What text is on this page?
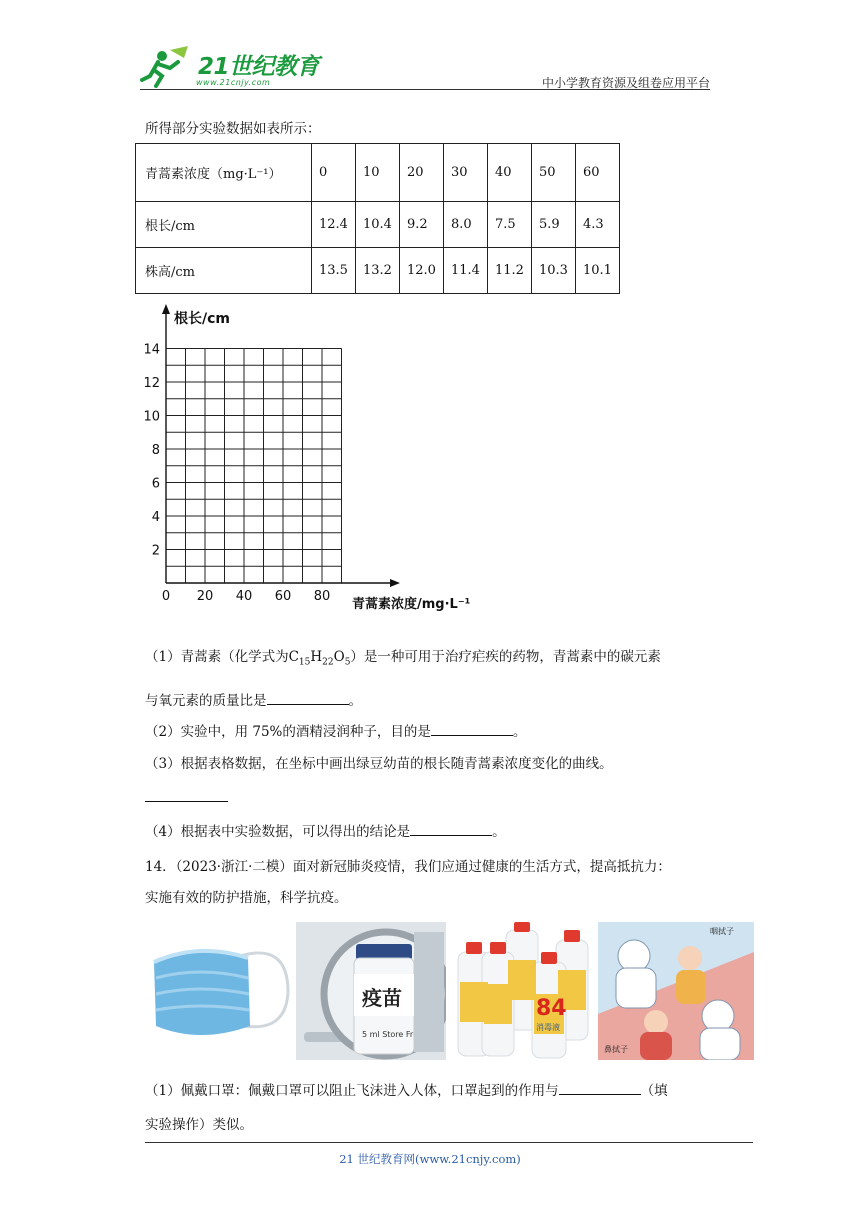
21世纪教育
www.21cnjy.com	中小学教育资源及组卷应用平台
所得部分实验数据如表所示：
青蒿素浓度（mg·L⁻¹）	0	10	20	30	40	50	60
根长/cm	12.4	10.4	9.2	8.0	7.5	5.9	4.3
株高/cm	13.5	13.2	12.0	11.4	11.2	10.3	10.1
根长/cm
青蒿素浓度/mg·L⁻¹
2
4
6
8
10
12
14
0 20 40 60 80
（1）青蒿素（化学式为$C_{15}H_{22}O_5$）是一种可用于治疗疟疾的药物，青蒿素中的碳元素
与氧元素的质量比是	。
（2）实验中，用 75%的酒精浸润种子，目的是	。
（3）根据表格数据，在坐标中画出绿豆幼苗的根长随青蒿素浓度变化的曲线。
（4）根据表中实验数据，可以得出的结论是	。
14．（2023·浙江·二模）面对新冠肺炎疫情，我们应通过健康的生活方式，提高抵抗力：
实施有效的防护措施，科学抗疫。
疫苗
5 ml Store Fr
84
消毒液
咽拭子
鼻拭子
（1）佩戴口罩：佩戴口罩可以阻止飞沫进入人体，口罩起到的作用与	（填
实验操作）类似。
21 世纪教育网(www.21cnjy.com)
